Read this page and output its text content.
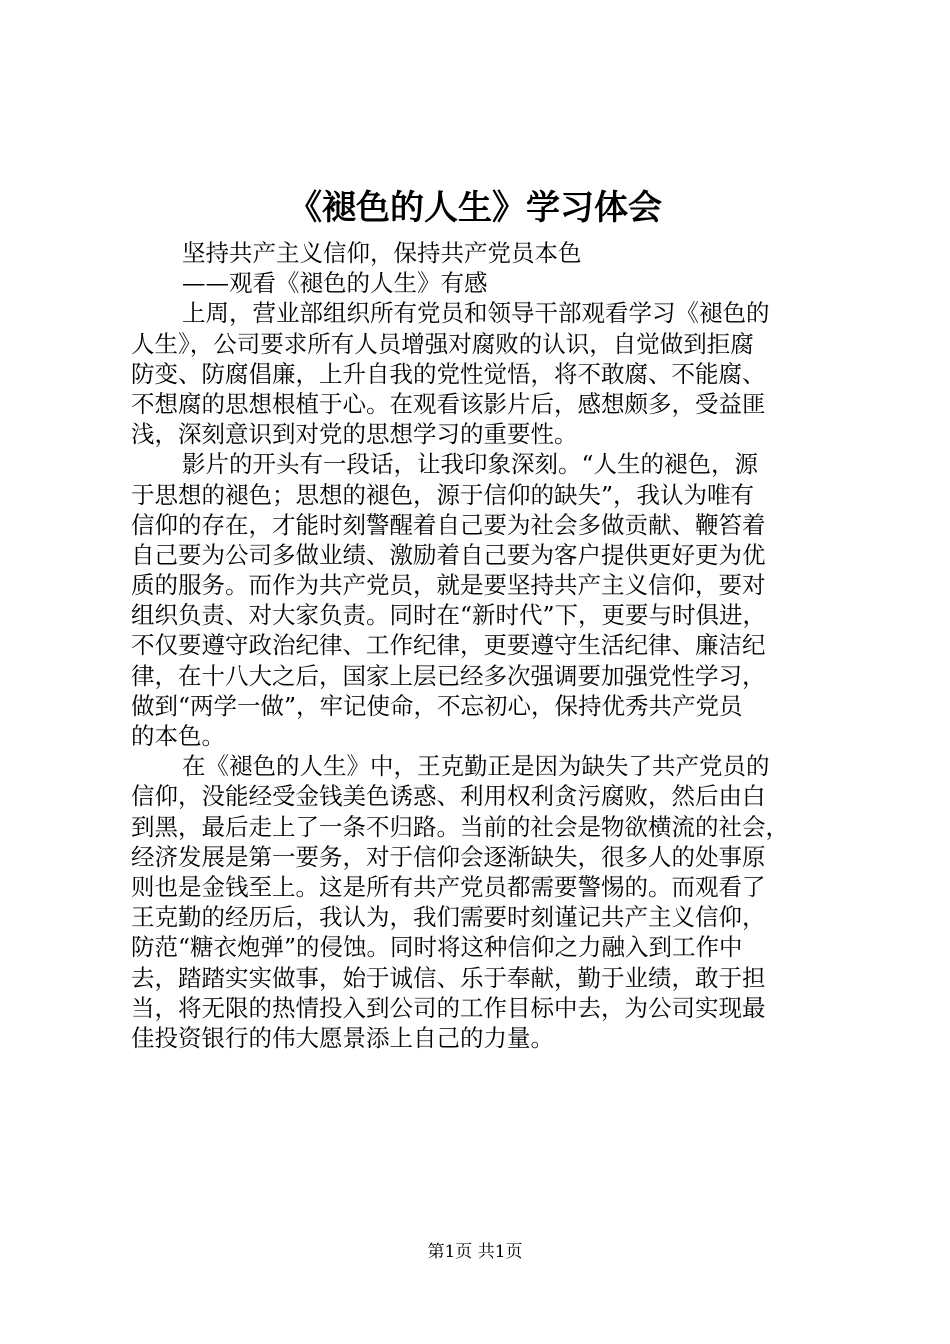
《褪色的人生》学习体会
坚持共产主义信仰，保持共产党员本色
——观看《褪色的人生》有感
上周，营业部组织所有党员和领导干部观看学习《褪色的
人生》，公司要求所有人员增强对腐败的认识，自觉做到拒腐
防变、防腐倡廉，上升自我的党性觉悟，将不敢腐、不能腐、
不想腐的思想根植于心。在观看该影片后，感想颇多，受益匪
浅，深刻意识到对党的思想学习的重要性。
影片的开头有一段话，让我印象深刻。“人生的褪色，源
于思想的褪色；思想的褪色，源于信仰的缺失”，我认为唯有
信仰的存在，才能时刻警醒着自己要为社会多做贡献、鞭笞着
自己要为公司多做业绩、激励着自己要为客户提供更好更为优
质的服务。而作为共产党员，就是要坚持共产主义信仰，要对
组织负责、对大家负责。同时在“新时代”下，更要与时俱进，
不仅要遵守政治纪律、工作纪律，更要遵守生活纪律、廉洁纪
律，在十八大之后，国家上层已经多次强调要加强党性学习，
做到“两学一做”，牢记使命，不忘初心，保持优秀共产党员
的本色。
在《褪色的人生》中，王克勤正是因为缺失了共产党员的
信仰，没能经受金钱美色诱惑、利用权利贪污腐败，然后由白
到黑，最后走上了一条不归路。当前的社会是物欲横流的社会，
经济发展是第一要务，对于信仰会逐渐缺失，很多人的处事原
则也是金钱至上。这是所有共产党员都需要警惕的。而观看了
王克勤的经历后，我认为，我们需要时刻谨记共产主义信仰，
防范“糖衣炮弹”的侵蚀。同时将这种信仰之力融入到工作中
去，踏踏实实做事，始于诚信、乐于奉献，勤于业绩，敢于担
当，将无限的热情投入到公司的工作目标中去，为公司实现最
佳投资银行的伟大愿景添上自己的力量。
第1页 共1页
